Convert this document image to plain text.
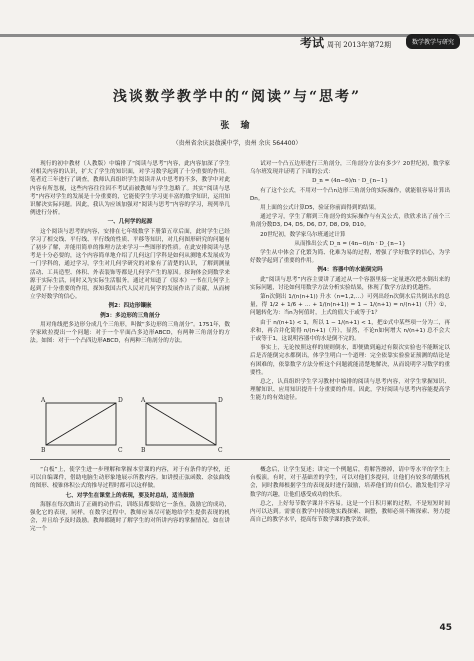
考试 周刊 2013年第72期	数学教学与研究
浅谈数学教学中的“阅读”与“思考”
张 瑜
（贵州省余庆县敖溪中学，贵州 余庆 564400）

现行的初中教材（人教版）中编排了“阅读与思考”内容，此内容加深了学生对相关内容的认识，扩大了学生的知识面，对学习数学起到了十分重要的作用。笔者近三年进行了调查，教师认真组织学生阅读并从中思考的不多，教学中对此内容有所忽视，这些内容往往因不考试而被教师与学生忽略了。其实“阅读与思考”内容对学生的发展是十分重要的，它能使学生学习更丰富的数学知识，运用知识解决实际问题。因此，我认为应该加强对“阅读与思考”内容的学习，现列举几例进行分析。

一、几何学的起源

这个阅读与思考的内容，安排在七年级数学下册第五章后面，此时学生已经学习了相交线、平行线、平行线的性质、平移等知识，对几何图形研究的问题有了初步了解，并能用简单的推理方法来学习一些图形的性质。在此安排阅读与思考是十分必要的，这个内容简单地介绍了几何这门学科是如何从测地术发展成为一门学科的，通过学习，学生对几何学研究的对象有了清楚的认识，了解到测量活动、工具造型、体积、外表装饰等都是几何学产生的原因。探询体会到数学来源于实际生活，同时又为实际生活服务。通过对知道了《原本》一书在几何学上起到了十分重要的作用，探知我国古代人民对几何学的发展作出了贡献，从而树立学好数学的信心。

例2：四边形镶嵌

例3：多边形的三角剖分

用对角线把多边形分成几个三角形，叫做“多边形的三角剖分”。1751年，数学家欧拉提出一个问题：对于一个平面凸多边形ABCD，有两种三角剖分的方法。如图：对于一个凸四边形ABCD，有两种三角剖分的方法。

A	D
B	C
A	D
B	C

试对一个凸五边形进行三角剖分，三角剖分方法有多少？20世纪初，数学家乌尔班发现并证明了下面的公式：

D_n = (4n−6)/n · D_{n−1}

有了这个公式，不用对一个凸n边形三角剖分的实际操作，就能很容易计算出Dn。

用上面的公式计算D5，验证你前面得到的结果。

通过学习，学生了解到三角剖分的实际操作与有关公式，欣欣求出了前个三角剖分数D3, D4, D5, D6, D7, D8, D9, D10。

20世纪初，数学家乌尔班通过计算

从而推出公式 D_n = (4n−6)/n · D_{n−1}

学生从中体会了化繁为简、化难为易的过程，增强了学好数学的信心，为学好数学起到了重要的作用。

例4：容器中的水能倒完吗

此“阅读与思考”内容主要讲了通过从一个容器里接一定量逐次把水倒出来的实际问题，讨论如何用数学方法分析实验结果，体现了数学方法的优越性。

第n次倒出 1/(n(n+1)) 升水（n=1,2,…）可列出经n次倒水后共倒出水的总量，得 1/2 + 1/6 + … + 1/(n(n+1)) = 1 − 1/(n+1) = n/(n+1)（升）①，问题转化为：当n为何值时，上式的值大于或等于1？

由于 n/(n+1) < 1，所以 1 − 1/(n+1) < 1，把①式中某些项一分为二，再求和，再合并化简得 n/(n+1)（升），显然，不论n如何增大 n/(n+1) 总不会大于或等于1，这说明容器中的水是倒不完的。

事实上，无论按照这样的规则倒水，即便做到遍过有限次实验也不能断定以后是否能倒完水都倒出，体学生明白一个道理：完全依靠实验验证预测的结论是有困难的，依靠数学方法分析这个问题就能清楚地解决，从而说明学习数学的重要性。

总之，认真组织学生学习教材中编排的阅读与思考内容，对学生掌握知识、理解知识、应用知识提升十分重要的作用。因此，学好阅读与思考内容能提高学生能力的有效途径。

“白板”上，使学生进一步理解和掌握本堂课的内容，对于有条件的学校，还可以自编课件，借助电脑生动形象地展示所教内容。如讲授正弦函数、余弦曲线的图形、棱锥体积公式的推导过程时都可以这样做。

七、对学生在课堂上的表现，要及时总结，适当鼓励

海豚在每次做出了正确的动作后，训练员都要给它一条鱼，鼓励它的成功，强化它的表现，同样，在数学过程中，教师应该尽可能地给学生提供表现的机会，并且给予及时鼓励。教师都随时了解学生的对所讲内容的掌握情况。如在讲完一个

概念后，让学生复述；讲完一个例题后，将解答擦掉，请中等水平的学生上台板演。有时，对于基础差的学生，可以对他们多提问，让他们有较多的锻炼机会，同时教师根据学生的表现及时进行鼓励，培养他们的自信心，激发他们学习数学的兴趣，让他们感受成功的快乐。

总之，上好每节数学课并不容易。这是一个日积月累的过程，不是短短时间内可以达到。需要在教学中持续地实践探索、调整，教师必须不断探索、努力提高自己的教学水平，提高每节数学课的教学效率。

45
